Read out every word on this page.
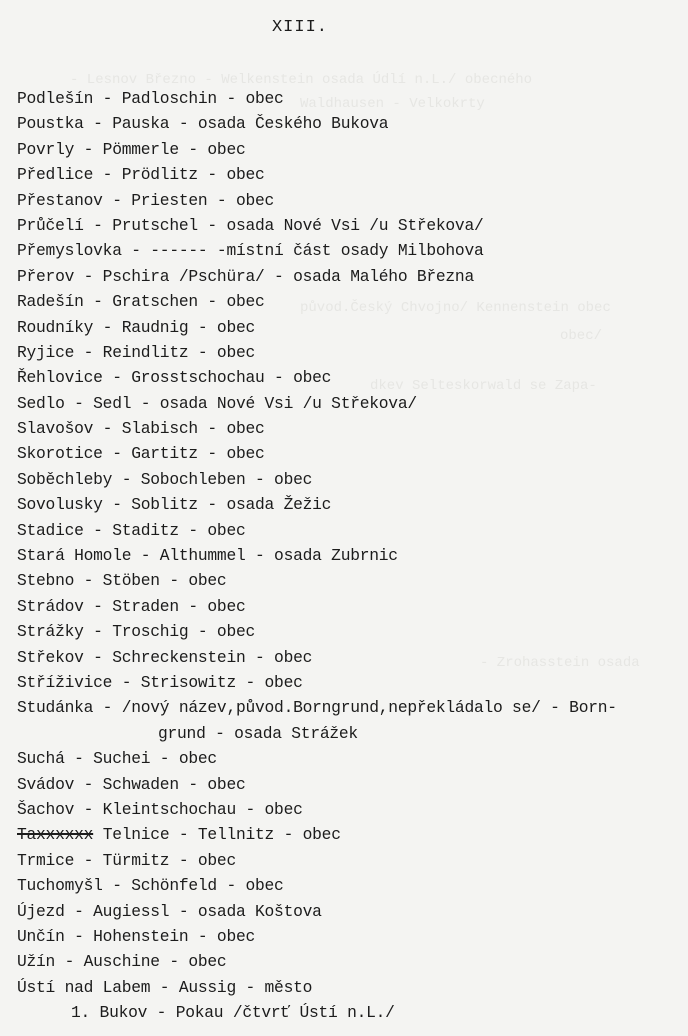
- Lesnov Březno - Welkenstein osada Údlí n.L./ obecného
Waldhausen - Velkokrty
původ.Český Chvojno/ Kennenstein obec
obec/
dkev Selteskorwald se Zapa-
- Zrohasstein osada
XIII.
Podlešín - Padloschin - obec
Poustka - Pauska - osada Českého Bukova
Povrly - Pömmerle - obec
Předlice - Prödlitz - obec
Přestanov - Priesten - obec
Průčelí - Prutschel - osada Nové Vsi /u Střekova/
Přemyslovka - ------ -místní část osady Milbohova
Přerov - Pschira /Pschüra/ - osada Malého Března
Radešín - Gratschen - obec
Roudníky - Raudnig - obec
Ryjice - Reindlitz - obec
Řehlovice - Grosstschochau - obec
Sedlo - Sedl - osada Nové Vsi /u Střekova/
Slavošov - Slabisch - obec
Skorotice - Gartitz - obec
Soběchleby - Sobochleben - obec
Sovolusky - Soblitz - osada Žežic
Stadice - Staditz - obec
Stará Homole - Althummel - osada Zubrnic
Stebno - Stöben - obec
Strádov - Straden - obec
Strážky - Troschig - obec
Střekov - Schreckenstein - obec
Stříživice - Strisowitz - obec
Studánka - /nový název,původ.Borngrund,nepřekládalo se/ - Born-
grund - osada Strážek
Suchá - Suchei - obec
Svádov - Schwaden - obec
Šachov - Kleintschochau - obec
Taxxxxxx Telnice - Tellnitz - obec
Trmice - Türmitz - obec
Tuchomyšl - Schönfeld - obec
Újezd - Augiessl - osada Koštova
Unčín - Hohenstein - obec
Užín - Auschine - obec
Ústí nad Labem - Aussig - město
1. Bukov - Pokau /čtvrť Ústí n.L./
